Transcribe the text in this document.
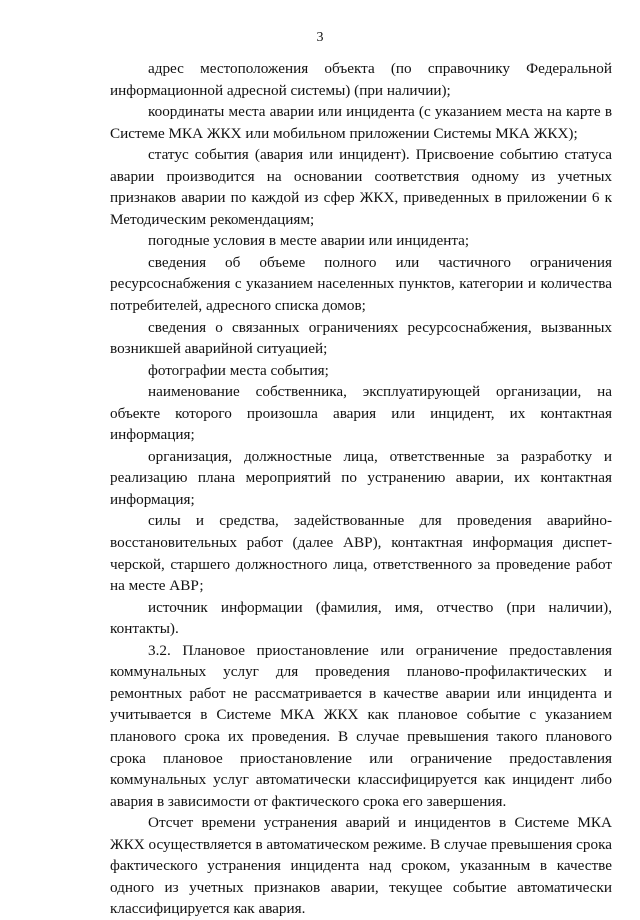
3

адрес местоположения объекта (по справочнику Федеральной информационной адресной системы) (при наличии);

координаты места аварии или инцидента (с указанием места на карте в Системе МКА ЖКХ или мобильном приложении Системы МКА ЖКХ);

статус события (авария или инцидент). Присвоение событию статуса аварии производится на основании соответствия одному из учетных признаков аварии по каждой из сфер ЖКХ, приведенных в приложении 6 к Методическим рекомендациям;

погодные условия в месте аварии или инцидента;

сведения об объеме полного или частичного ограничения ресурсоснабжения с указанием населенных пунктов, категории и количества потребителей, адресного списка домов;

сведения о связанных ограничениях ресурсоснабжения, вызванных возникшей аварийной ситуацией;

фотографии места события;

наименование собственника, эксплуатирующей организации, на объекте которого произошла авария или инцидент, их контактная информация;

организация, должностные лица, ответственные за разработку и реализацию плана мероприятий по устранению аварии, их контактная информация;

силы и средства, задействованные для проведения аварийно-восстановительных работ (далее АВР), контактная информация диспетчерской, старшего должностного лица, ответственного за проведение работ на месте АВР;

источник информации (фамилия, имя, отчество (при наличии), контакты).

3.2. Плановое приостановление или ограничение предоставления коммунальных услуг для проведения планово-профилактических и ремонтных работ не рассматривается в качестве аварии или инцидента и учитывается в Системе МКА ЖКХ как плановое событие с указанием планового срока их проведения. В случае превышения такого планового срока плановое приостановление или ограничение предоставления коммунальных услуг автоматически классифицируется как инцидент либо авария в зависимости от фактического срока его завершения.

Отсчет времени устранения аварий и инцидентов в Системе МКА ЖКХ осуществляется в автоматическом режиме. В случае превышения срока фактического устранения инцидента над сроком, указанным в качестве одного из учетных признаков аварии, текущее событие автоматически классифицируется как авария.
